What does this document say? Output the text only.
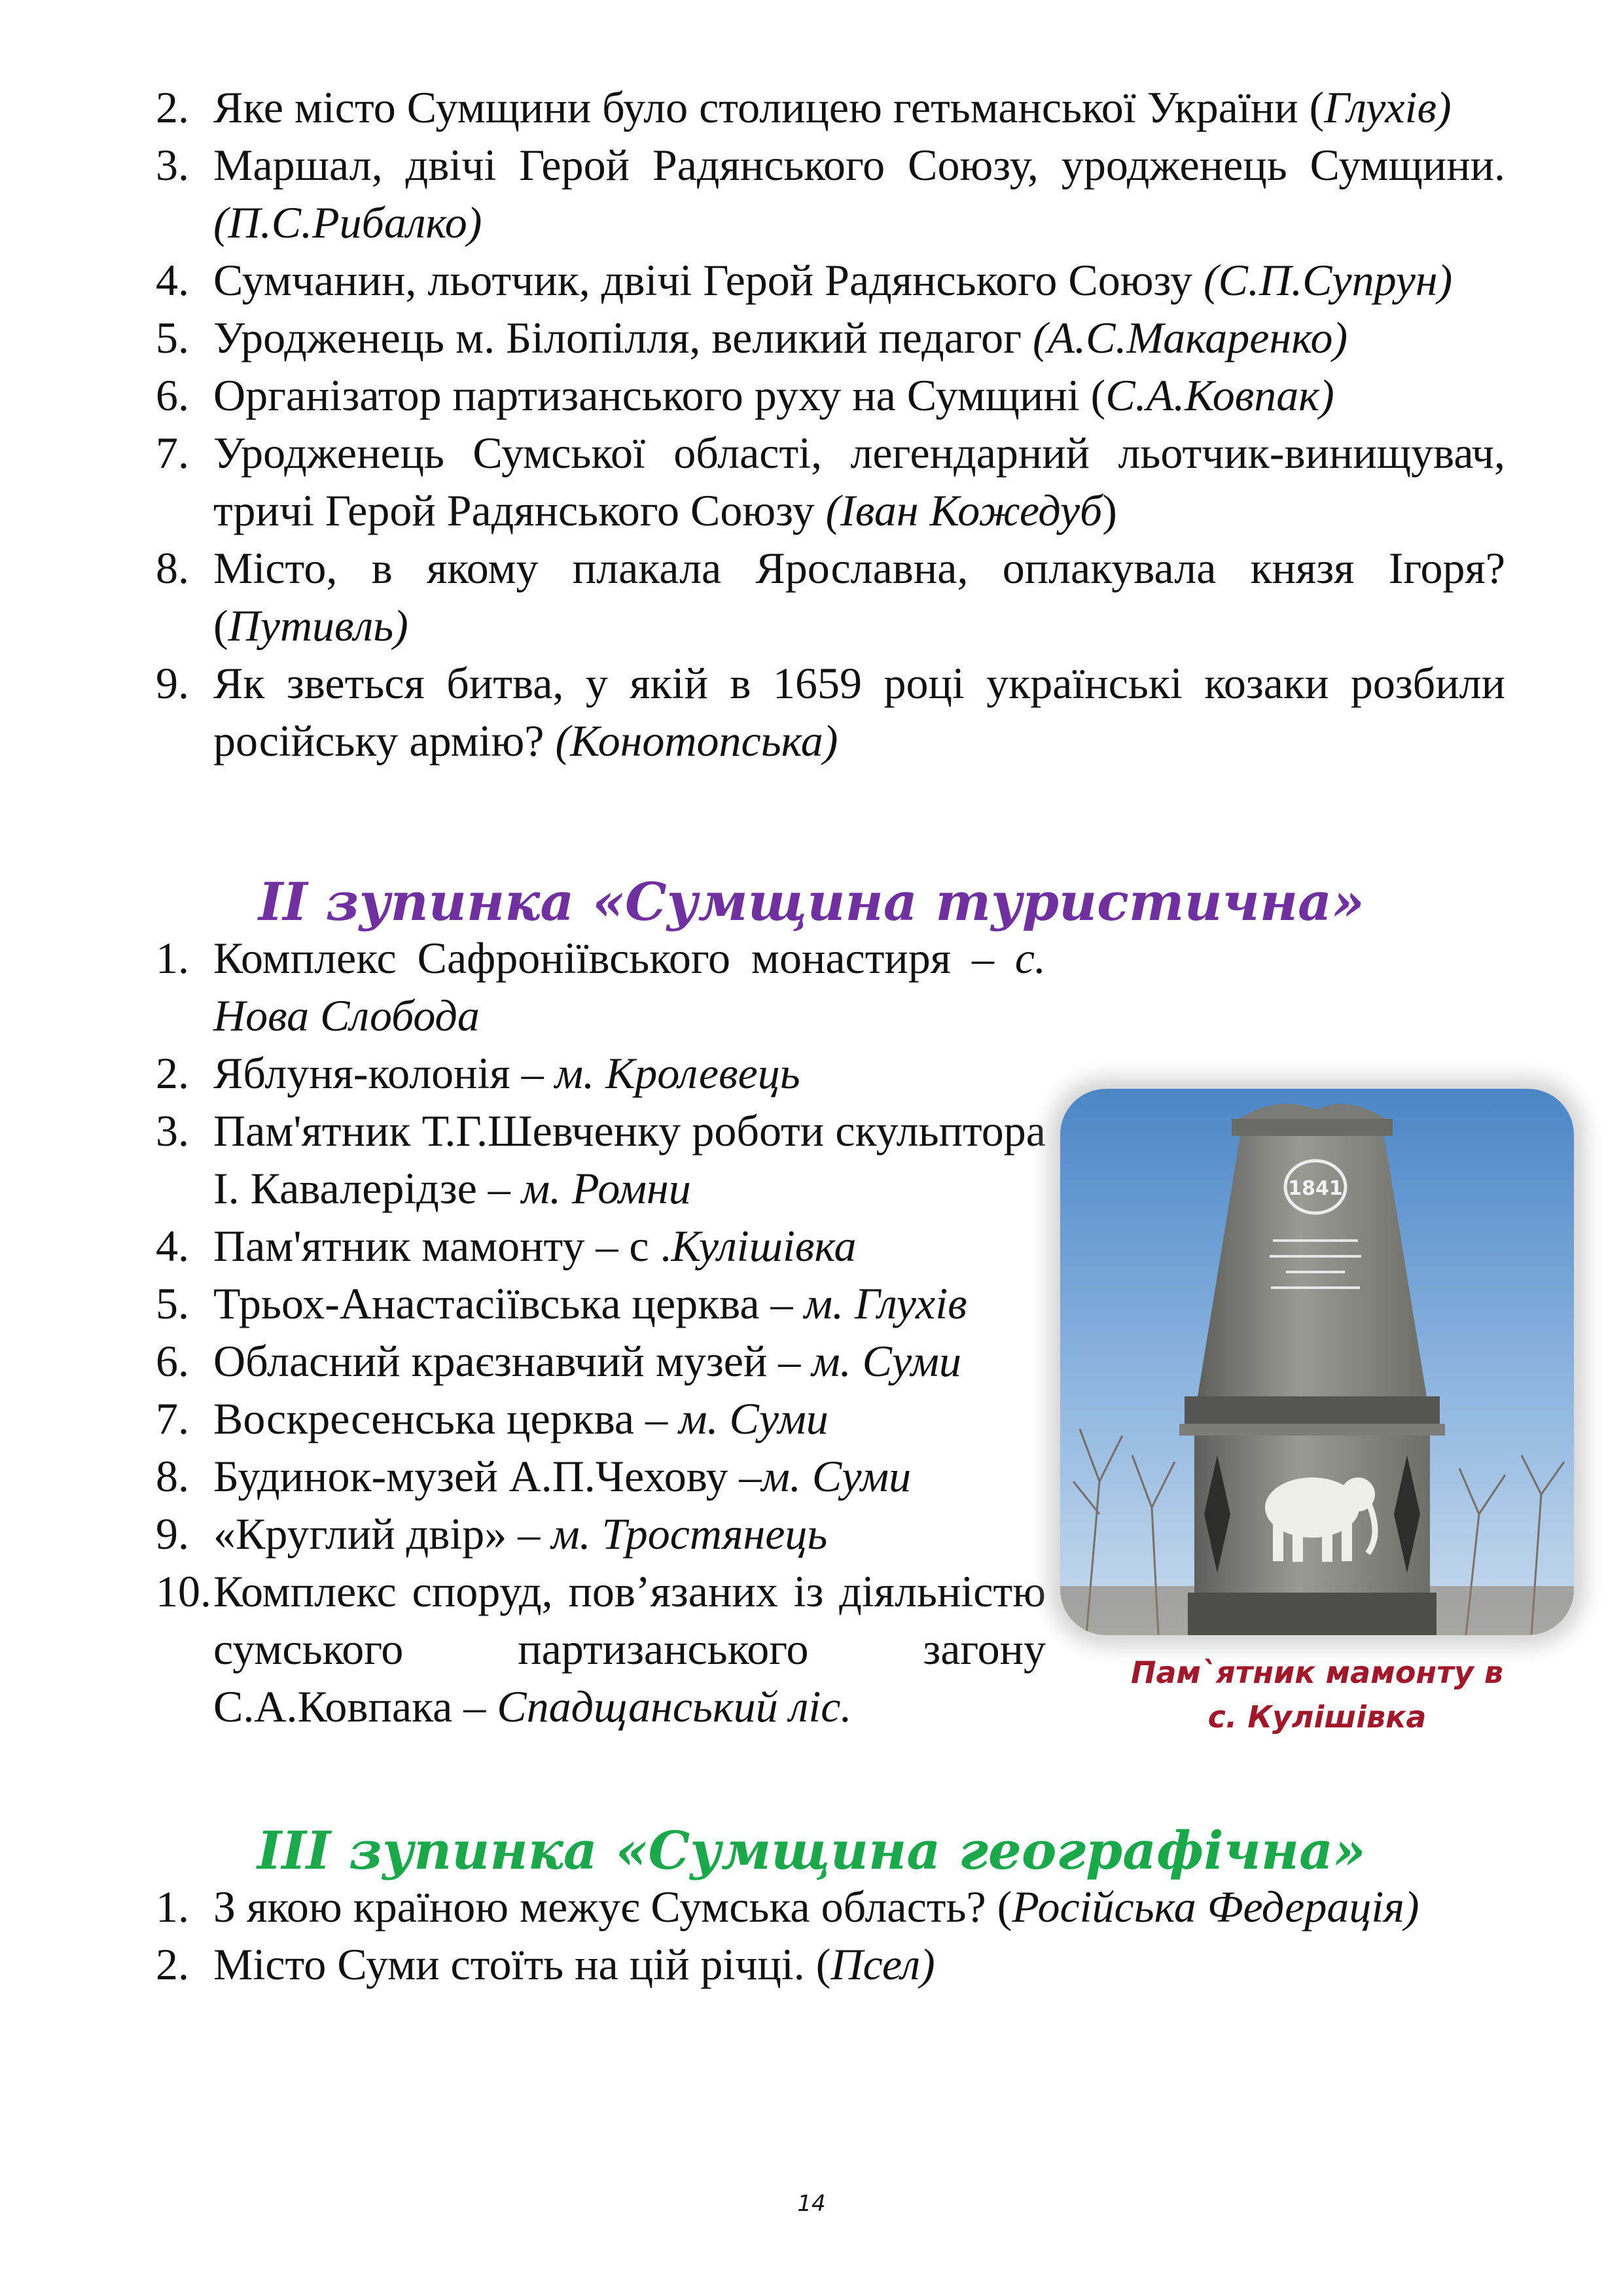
2. Яке місто Сумщини було столицею гетьманської України (Глухів)
3. Маршал, двічі Герой Радянського Союзу, уродженець Сумщини. (П.С.Рибалко)
4. Сумчанин, льотчик, двічі Герой Радянського Союзу (С.П.Супрун)
5. Уродженець м. Білопілля, великий педагог (А.С.Макаренко)
6. Організатор партизанського руху на Сумщині (С.А.Ковпак)
7. Уродженець Сумської області, легендарний льотчик-винищувач, тричі Герой Радянського Союзу (Іван Кожедуб)
8. Місто, в якому плакала Ярославна, оплакувала князя Ігоря? (Путивль)
9. Як зветься битва, у якій в 1659 році українські козаки розбили російську армію? (Конотопська)
ІІ зупинка «Сумщина туристична»
1. Комплекс Сафроніївського монастиря – с. Нова Слобода
2. Яблуня-колонія – м. Кролевець
3. Пам'ятник Т.Г.Шевченку роботи скульптора І. Кавалерідзе – м. Ромни
4. Пам'ятник мамонту – с .Кулішівка
5. Трьох-Анастасіївська церква – м. Глухів
6. Обласний краєзнавчий музей – м. Суми
7. Воскресенська церква – м. Суми
8. Будинок-музей А.П.Чехову –м. Суми
9. «Круглий двір» – м. Тростянець
10. Комплекс споруд, пов’язаних із діяльністю сумського партизанського загону С.А.Ковпака – Спадщанський ліс.
1841
Пам`ятник мамонту в
с. Кулішівка
ІІІ зупинка «Сумщина географічна»
1. З якою країною межує Сумська область? (Російська Федерація)
2. Місто Суми стоїть на цій річці. (Псел)
14
